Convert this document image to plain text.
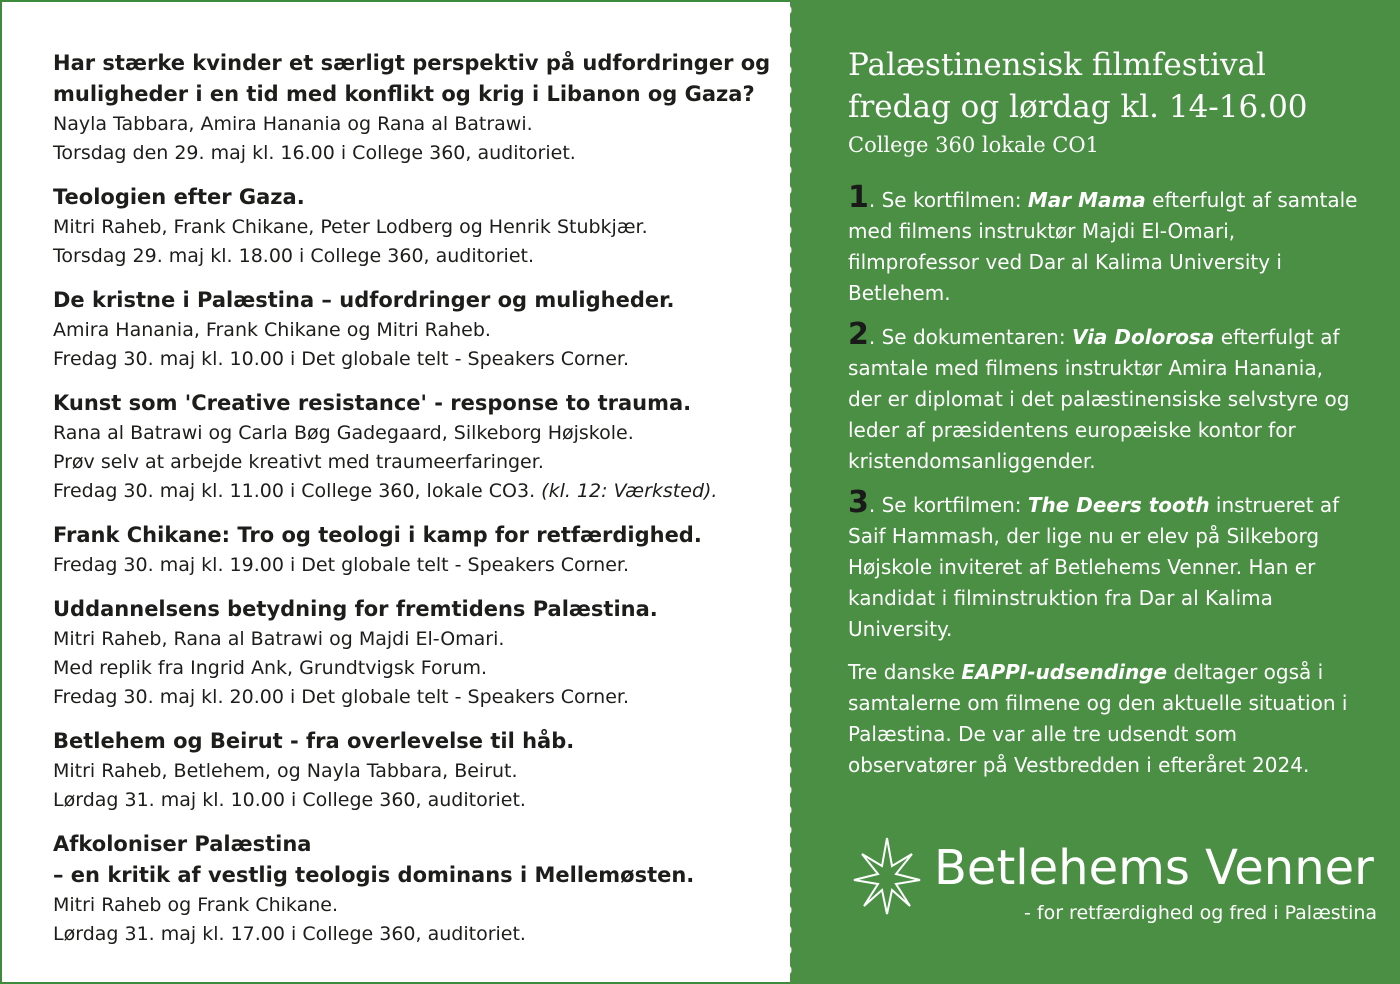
Har stærke kvinder et særligt perspektiv på udfordringer og
muligheder i en tid med konflikt og krig i Libanon og Gaza?
Nayla Tabbara, Amira Hanania og Rana al Batrawi.
Torsdag den 29. maj kl. 16.00 i College 360, auditoriet.
Teologien efter Gaza.
Mitri Raheb, Frank Chikane, Peter Lodberg og Henrik Stubkjær.
Torsdag 29. maj kl. 18.00 i College 360, auditoriet.
De kristne i Palæstina – udfordringer og muligheder.
Amira Hanania, Frank Chikane og Mitri Raheb.
Fredag 30. maj kl. 10.00 i Det globale telt - Speakers Corner.
Kunst som 'Creative resistance' - response to trauma.
Rana al Batrawi og Carla Bøg Gadegaard, Silkeborg Højskole.
Prøv selv at arbejde kreativt med traumeerfaringer.
Fredag 30. maj kl. 11.00 i College 360, lokale CO3. (kl. 12: Værksted).
Frank Chikane: Tro og teologi i kamp for retfærdighed.
Fredag 30. maj kl. 19.00 i Det globale telt - Speakers Corner.
Uddannelsens betydning for fremtidens Palæstina.
Mitri Raheb, Rana al Batrawi og Majdi El-Omari.
Med replik fra Ingrid Ank, Grundtvigsk Forum.
Fredag 30. maj kl. 20.00 i Det globale telt - Speakers Corner.
Betlehem og Beirut - fra overlevelse til håb.
Mitri Raheb, Betlehem, og Nayla Tabbara, Beirut.
Lørdag 31. maj kl. 10.00 i College 360, auditoriet.
Afkoloniser Palæstina
– en kritik af vestlig teologis dominans i Mellemøsten.
Mitri Raheb og Frank Chikane.
Lørdag 31. maj kl. 17.00 i College 360, auditoriet.

Palæstinensisk filmfestival
fredag og lørdag kl. 14-16.00

College 360 lokale CO1

1. Se kortfilmen: Mar Mama efterfulgt af samtale med filmens instruktør Majdi El-Omari, filmprofessor ved Dar al Kalima University i Betlehem.
2. Se dokumentaren: Via Dolorosa efterfulgt af samtale med filmens instruktør Amira Hanania, der er diplomat i det palæstinensiske selvstyre og leder af præsidentens europæiske kontor for kristendomsanliggender.
3. Se kortfilmen: The Deers tooth instrueret af Saif Hammash, der lige nu er elev på Silkeborg Højskole inviteret af Betlehems Venner. Han er kandidat i filminstruktion fra Dar al Kalima University.
Tre danske EAPPI-udsendinge deltager også i samtalerne om filmene og den aktuelle situation i Palæstina. De var alle tre udsendt som observatører på Vestbredden i efteråret 2024.
Betlehems Venner
- for retfærdighed og fred i Palæstina
